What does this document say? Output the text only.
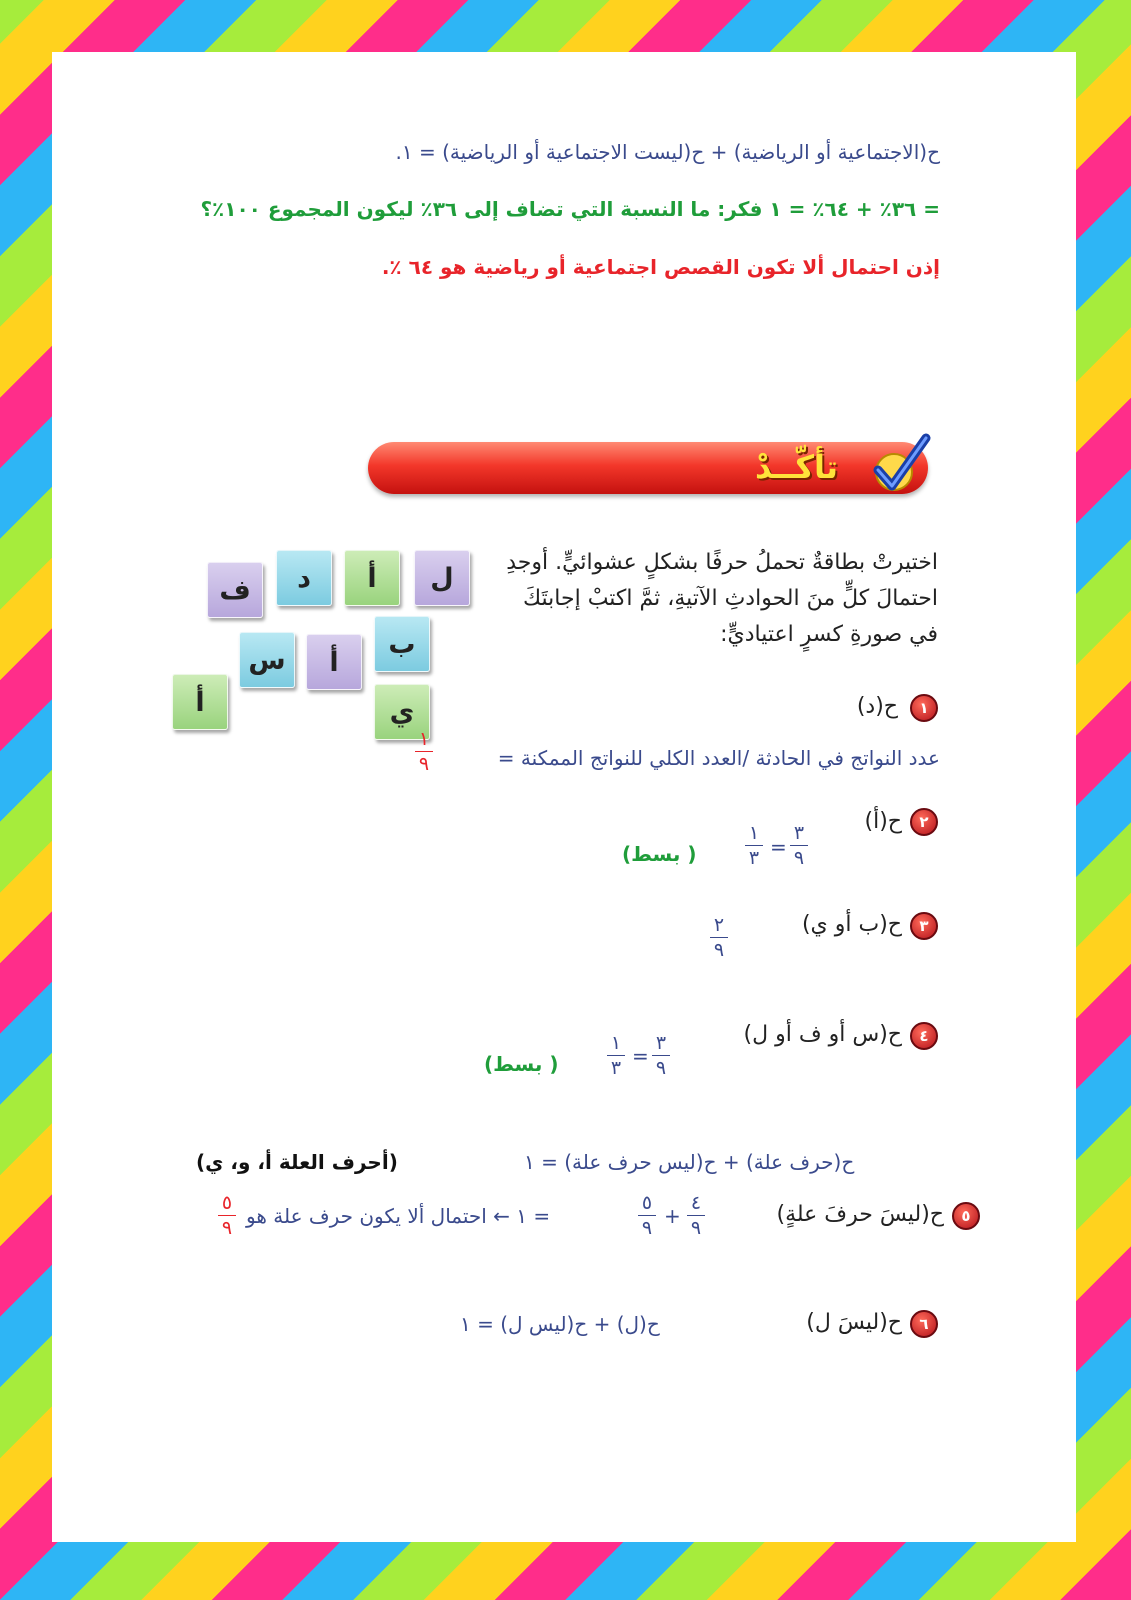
ح(الاجتماعية أو الرياضية) + ح(ليست الاجتماعية أو الرياضية) = ١.
= ٣٦٪ + ٦٤٪ = ١ فكر: ما النسبة التي تضاف إلى ٣٦٪ ليكون المجموع ١٠٠٪؟
إذن احتمال ألا تكون القصص اجتماعية أو رياضية هو ٦٤ ٪.
تأكّــدْ
اختيرتْ بطاقةٌ تحملُ حرفًا بشكلٍ عشوائيٍّ. أوجدِ
احتمالَ كلٍّ منَ الحوادثِ الآتيةِ، ثمَّ اكتبْ إجابتَكَ
في صورةِ كسرٍ اعتياديٍّ:
ل
أ
د
ف
ب
أ
س
ي
أ	١
ح(د)
عدد النواتج في الحادثة /العدد الكلي للنواتج الممكنة =
١
٩
٢
ح(أ)
٣
٩
=
١
٣
( بسط)
٣
ح(ب أو ي)
٢
٩
٤
ح(س أو ف أو ل)
٣
٩
=
١
٣
( بسط)
ح(حرف علة) + ح(ليس حرف علة) = ١
(أحرف العلة أ، و، ي)
٥
ح(ليسَ حرفَ علةٍ)
٤
٩
+
٥
٩
= ١ ← احتمال ألا يكون حرف علة هو
٥
٩
٦
ح(ليسَ ل)
ح(ل) + ح(ليس ل) = ١
